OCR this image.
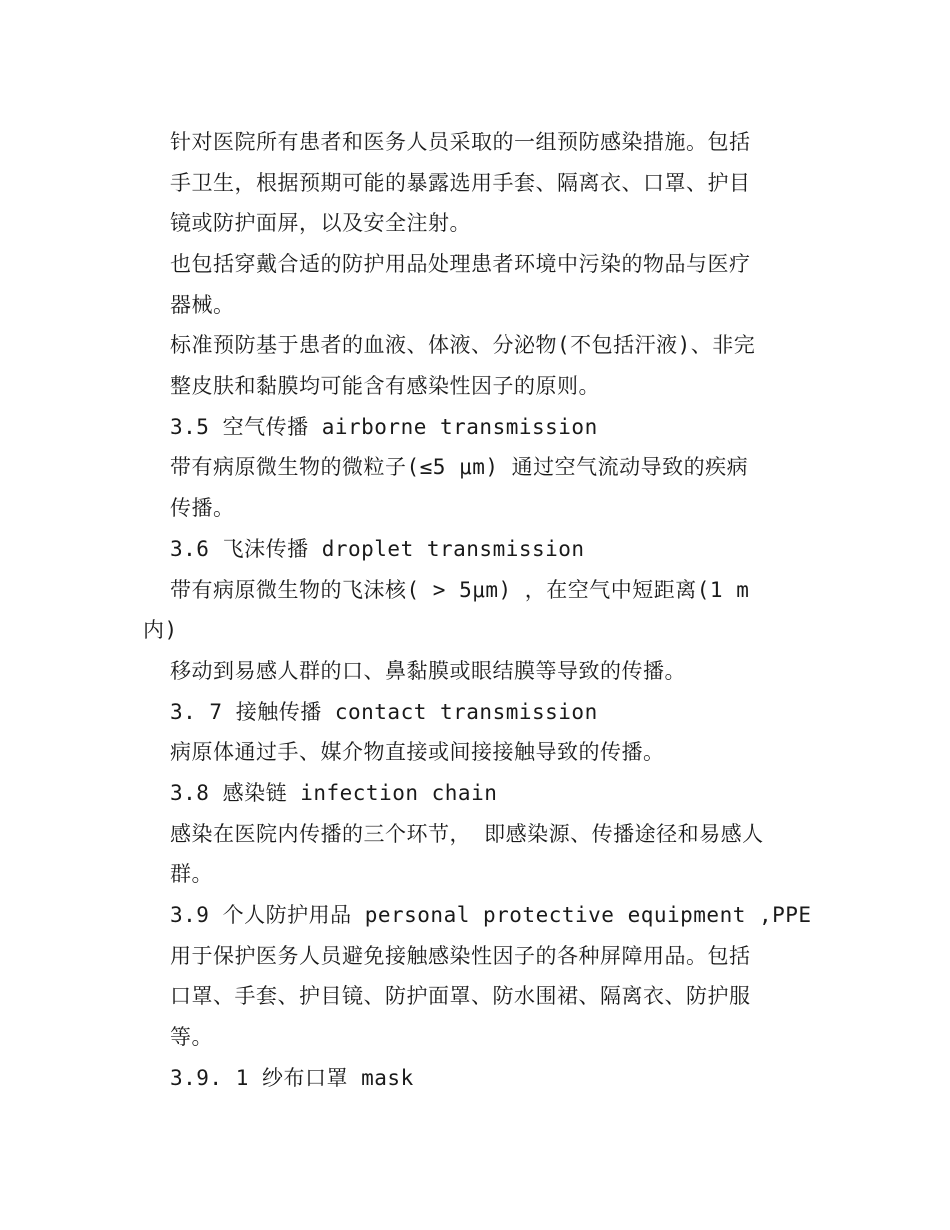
针对医院所有患者和医务人员采取的一组预防感染措施。包括

手卫生，根据预期可能的暴露选用手套、隔离衣、口罩、护目

镜或防护面屏，以及安全注射。

也包括穿戴合适的防护用品处理患者环境中污染的物品与医疗

器械。

标准预防基于患者的血液、体液、分泌物(不包括汗液)、非完

整皮肤和黏膜均可能含有感染性因子的原则。

3.5 空气传播 airborne transmission

带有病原微生物的微粒子(≤5 μm) 通过空气流动导致的疾病

传播。

3.6 飞沫传播 droplet transmission

带有病原微生物的飞沫核( > 5μm) ，在空气中短距离(1 m

内)

移动到易感人群的口、鼻黏膜或眼结膜等导致的传播。

3. 7 接触传播 contact transmission

病原体通过手、媒介物直接或间接接触导致的传播。

3.8 感染链 infection chain

感染在医院内传播的三个环节， 即感染源、传播途径和易感人

群。

3.9 个人防护用品 personal protective equipment ,PPE

用于保护医务人员避免接触感染性因子的各种屏障用品。包括

口罩、手套、护目镜、防护面罩、防水围裙、隔离衣、防护服

等。

3.9. 1 纱布口罩 mask
